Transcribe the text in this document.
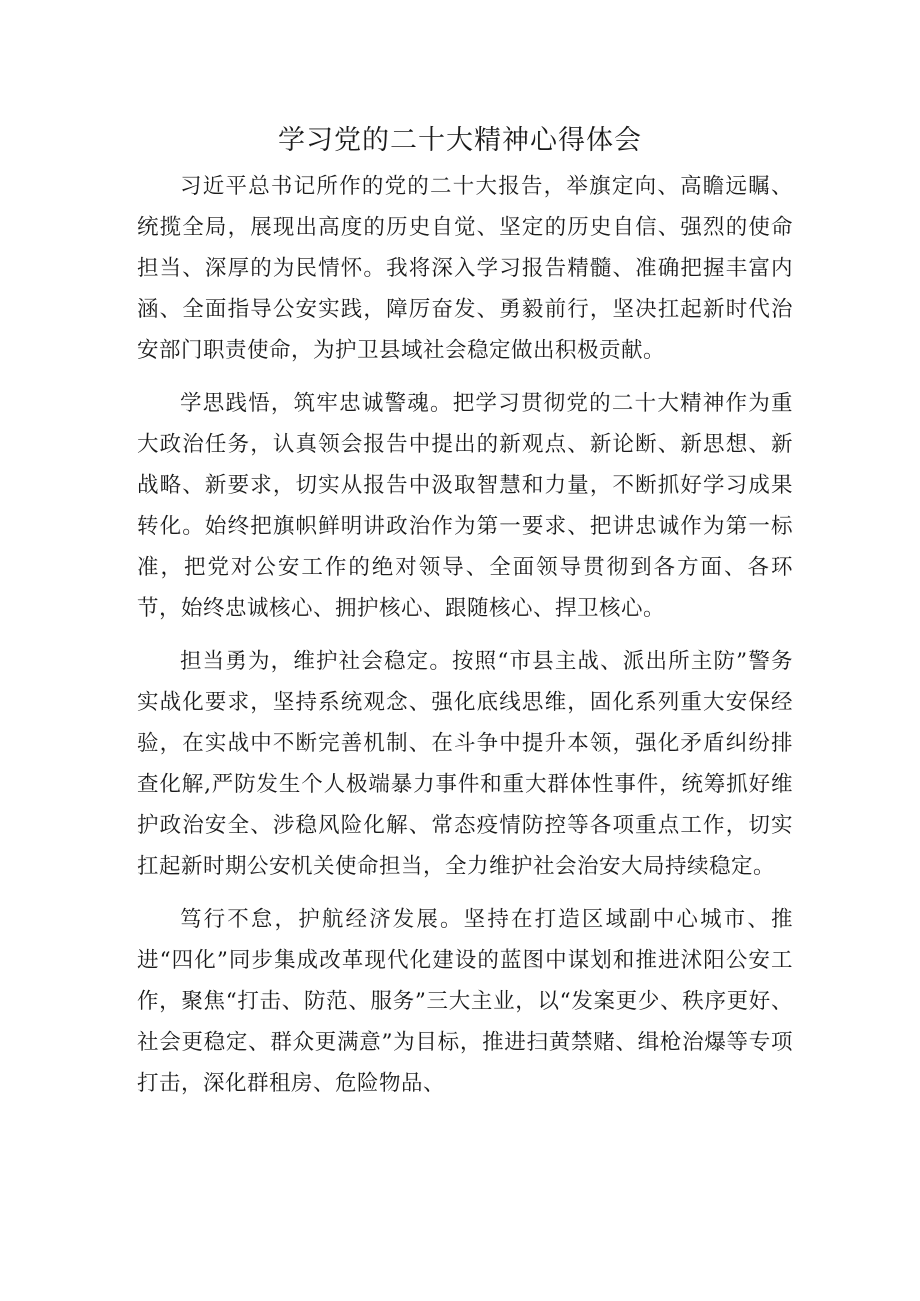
学习党的二十大精神心得体会

习近平总书记所作的党的二十大报告，举旗定向、高瞻远瞩、统揽全局，展现出高度的历史自觉、坚定的历史自信、强烈的使命担当、深厚的为民情怀。我将深入学习报告精髓、准确把握丰富内涵、全面指导公安实践，障厉奋发、勇毅前行，坚决扛起新时代治安部门职责使命，为护卫县域社会稳定做出积极贡献。

学思践悟，筑牢忠诚警魂。把学习贯彻党的二十大精神作为重大政治任务，认真领会报告中提出的新观点、新论断、新思想、新战略、新要求，切实从报告中汲取智慧和力量，不断抓好学习成果转化。始终把旗帜鲜明讲政治作为第一要求、把讲忠诚作为第一标准，把党对公安工作的绝对领导、全面领导贯彻到各方面、各环节，始终忠诚核心、拥护核心、跟随核心、捍卫核心。

担当勇为，维护社会稳定。按照“市县主战、派出所主防”警务实战化要求，坚持系统观念、强化底线思维，固化系列重大安保经验，在实战中不断完善机制、在斗争中提升本领，强化矛盾纠纷排查化解,严防发生个人极端暴力事件和重大群体性事件，统筹抓好维护政治安全、涉稳风险化解、常态疫情防控等各项重点工作，切实扛起新时期公安机关使命担当，全力维护社会治安大局持续稳定。

笃行不怠，护航经济发展。坚持在打造区域副中心城市、推进“四化”同步集成改革现代化建设的蓝图中谋划和推进沭阳公安工作，聚焦“打击、防范、服务”三大主业，以“发案更少、秩序更好、社会更稳定、群众更满意”为目标，推进扫黄禁赌、缉枪治爆等专项打击，深化群租房、危险物品、
